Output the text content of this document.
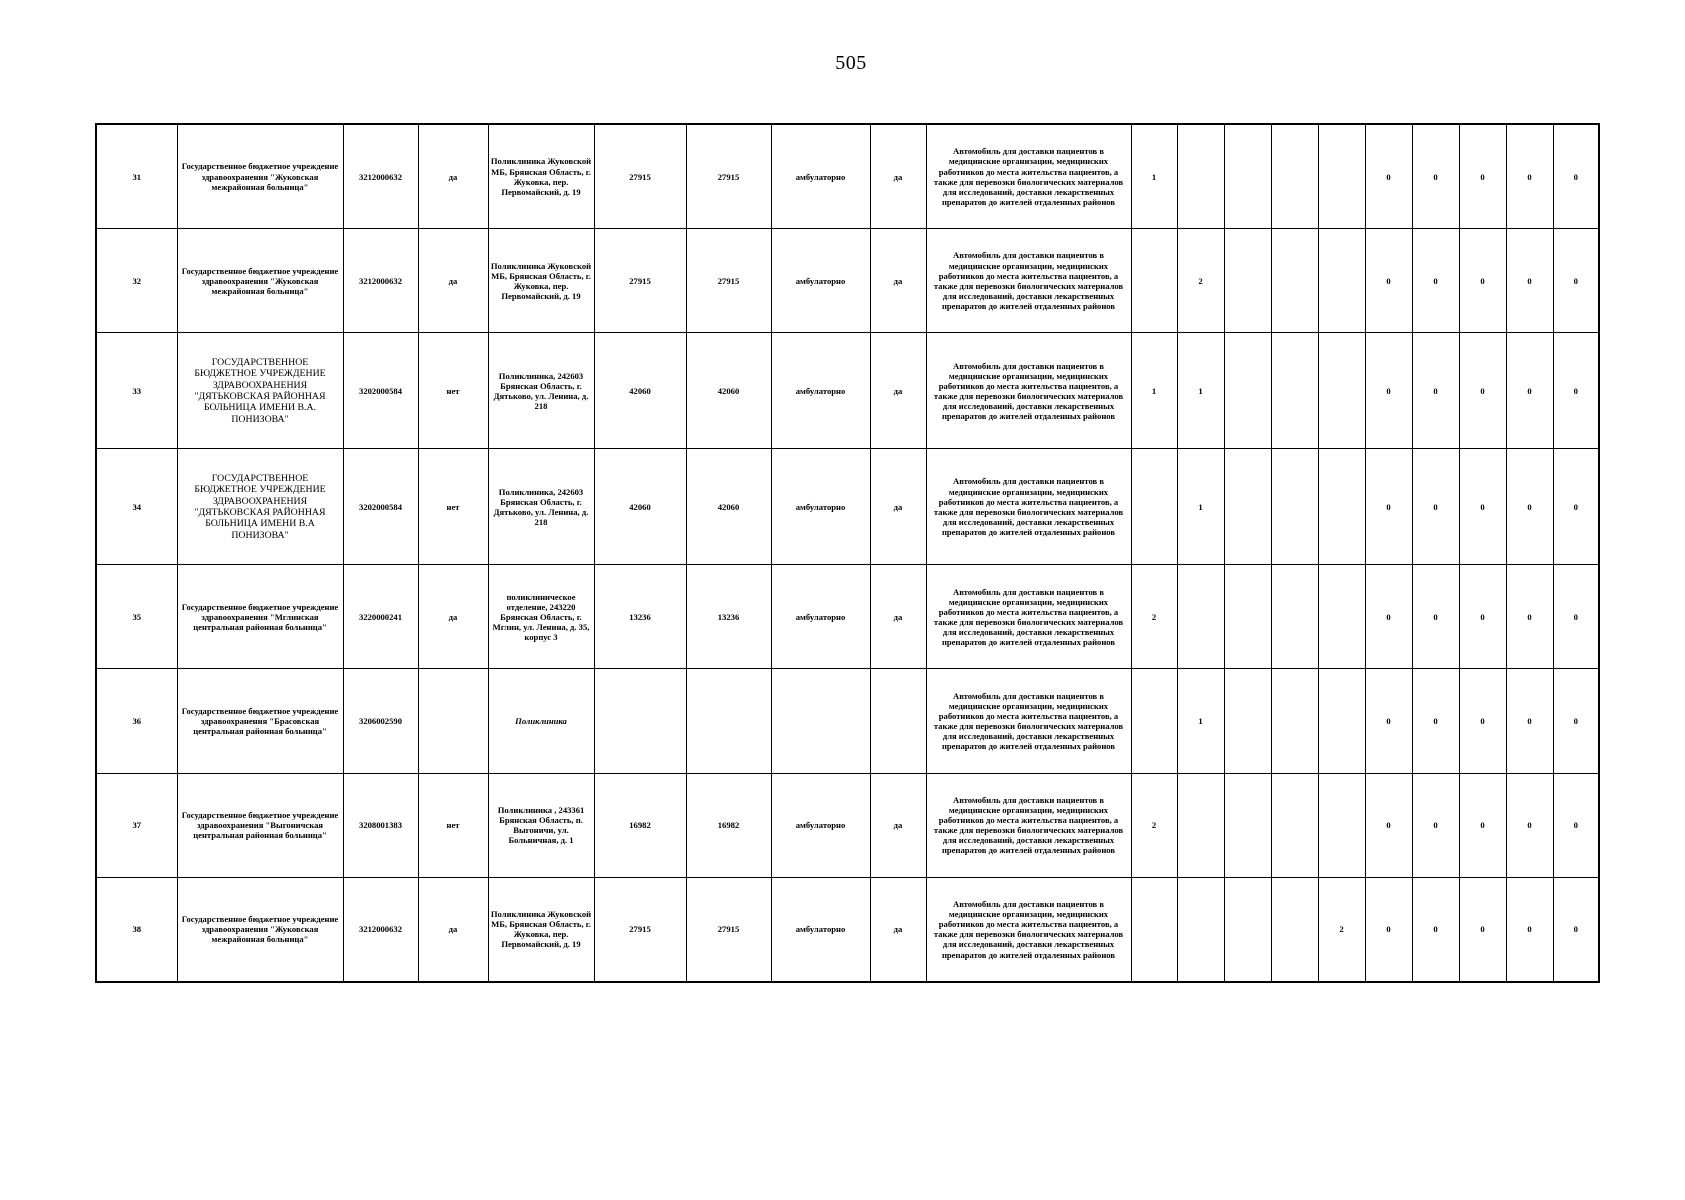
505
31	Государственное бюджетное учреждение здравоохранения "Жуковская межрайонная больница"	3212000632	да	Поликлиника Жуковской МБ, Брянская Область, г. Жуковка, пер. Первомайский, д. 19	27915	27915	амбулаторно	да	Автомобиль для доставки пациентов в медицинские организации, медицинских работников до места жительства пациентов, а также для перевозки биологических материалов для исследований, доставки лекарственных препаратов до жителей отдаленных районов	1					0	0	0	0	0
32	Государственное бюджетное учреждение здравоохранения "Жуковская межрайонная больница"	3212000632	да	Поликлиника Жуковской МБ, Брянская Область, г. Жуковка, пер. Первомайский, д. 19	27915	27915	амбулаторно	да	Автомобиль для доставки пациентов в медицинские организации, медицинских работников до места жительства пациентов, а также для перевозки биологических материалов для исследований, доставки лекарственных препаратов до жителей отдаленных районов		2				0	0	0	0	0
33	ГОСУДАРСТВЕННОЕ БЮДЖЕТНОЕ УЧРЕЖДЕНИЕ ЗДРАВООХРАНЕНИЯ "ДЯТЬКОВСКАЯ РАЙОННАЯ БОЛЬНИЦА ИМЕНИ В.А. ПОНИЗОВА"	3202000584	нет	Поликлиника, 242603 Брянская Область, г. Дятьково, ул. Ленина, д. 218	42060	42060	амбулаторно	да	Автомобиль для доставки пациентов в медицинские организации, медицинских работников до места жительства пациентов, а также для перевозки биологических материалов для исследований, доставки лекарственных препаратов до жителей отдаленных районов	1	1				0	0	0	0	0
34	ГОСУДАРСТВЕННОЕ БЮДЖЕТНОЕ УЧРЕЖДЕНИЕ ЗДРАВООХРАНЕНИЯ "ДЯТЬКОВСКАЯ РАЙОННАЯ БОЛЬНИЦА ИМЕНИ В.А ПОНИЗОВА"	3202000584	нет	Поликлиника, 242603 Брянская Область, г. Дятьково, ул. Ленина, д. 218	42060	42060	амбулаторно	да	Автомобиль для доставки пациентов в медицинские организации, медицинских работников до места жительства пациентов, а также для перевозки биологических материалов для исследований, доставки лекарственных препаратов до жителей отдаленных районов		1				0	0	0	0	0
35	Государственное бюджетное учреждение здравоохранения "Мглинская центральная районная больница"	3220000241	да	поликлиническое отделение, 243220 Брянская Область, г. Мглин, ул. Ленина, д. 35, корпус 3	13236	13236	амбулаторно	да	Автомобиль для доставки пациентов в медицинские организации, медицинских работников до места жительства пациентов, а также для перевозки биологических материалов для исследований, доставки лекарственных препаратов до жителей отдаленных районов	2					0	0	0	0	0
36	Государственное бюджетное учреждение здравоохранения "Брасовская центральная районная больница"	3206002590		Поликлиника					Автомобиль для доставки пациентов в медицинские организации, медицинских работников до места жительства пациентов, а также для перевозки биологических материалов для исследований, доставки лекарственных препаратов до жителей отдаленных районов		1				0	0	0	0	0
37	Государственное бюджетное учреждение здравоохранения "Выгоничская центральная районная больница"	3208001383	нет	Поликлиника , 243361 Брянская Область, п. Выгоничи, ул. Больничная, д. 1	16982	16982	амбулаторно	да	Автомобиль для доставки пациентов в медицинские организации, медицинских работников до места жительства пациентов, а также для перевозки биологических материалов для исследований, доставки лекарственных препаратов до жителей отдаленных районов	2					0	0	0	0	0
38	Государственное бюджетное учреждение здравоохранения "Жуковская межрайонная больница"	3212000632	да	Поликлиника Жуковской МБ, Брянская Область, г. Жуковка, пер. Первомайский, д. 19	27915	27915	амбулаторно	да	Автомобиль для доставки пациентов в медицинские организации, медицинских работников до места жительства пациентов, а также для перевозки биологических материалов для исследований, доставки лекарственных препаратов до жителей отдаленных районов					2	0	0	0	0	0
